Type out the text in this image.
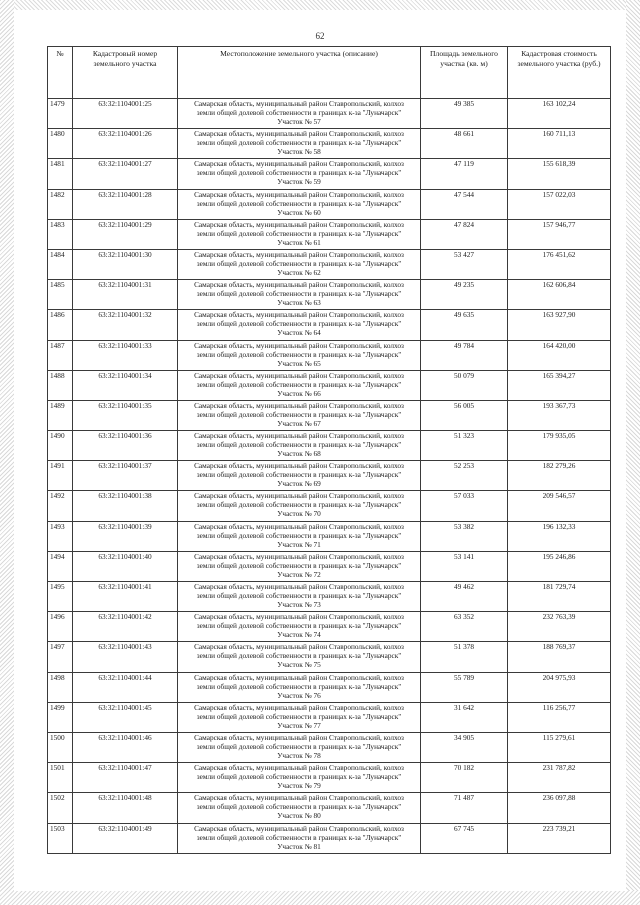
62
№	Кадастровый номер земельного участка	Местоположение земельного участка (описание)	Площадь земельного участка (кв. м)	Кадастровая стоимость земельного участка (руб.)
1479	63:32:1104001:25	Самарская область, муниципальный район Ставропольский, колхоз
земли общей долевой собственности в границах к-за "Луначарск"
Участок № 57	49 385	163 102,24
1480	63:32:1104001:26	Самарская область, муниципальный район Ставропольский, колхоз
земли общей долевой собственности в границах к-за "Луначарск"
Участок № 58	48 661	160 711,13
1481	63:32:1104001:27	Самарская область, муниципальный район Ставропольский, колхоз
земли общей долевой собственности в границах к-за "Луначарск"
Участок № 59	47 119	155 618,39
1482	63:32:1104001:28	Самарская область, муниципальный район Ставропольский, колхоз
земли общей долевой собственности в границах к-за "Луначарск"
Участок № 60	47 544	157 022,03
1483	63:32:1104001:29	Самарская область, муниципальный район Ставропольский, колхоз
земли общей долевой собственности в границах к-за "Луначарск"
Участок № 61	47 824	157 946,77
1484	63:32:1104001:30	Самарская область, муниципальный район Ставропольский, колхоз
земли общей долевой собственности в границах к-за "Луначарск"
Участок № 62	53 427	176 451,62
1485	63:32:1104001:31	Самарская область, муниципальный район Ставропольский, колхоз
земли общей долевой собственности в границах к-за "Луначарск"
Участок № 63	49 235	162 606,84
1486	63:32:1104001:32	Самарская область, муниципальный район Ставропольский, колхоз
земли общей долевой собственности в границах к-за "Луначарск"
Участок № 64	49 635	163 927,90
1487	63:32:1104001:33	Самарская область, муниципальный район Ставропольский, колхоз
земли общей долевой собственности в границах к-за "Луначарск"
Участок № 65	49 784	164 420,00
1488	63:32:1104001:34	Самарская область, муниципальный район Ставропольский, колхоз
земли общей долевой собственности в границах к-за "Луначарск"
Участок № 66	50 079	165 394,27
1489	63:32:1104001:35	Самарская область, муниципальный район Ставропольский, колхоз
земли общей долевой собственности в границах к-за "Луначарск"
Участок № 67	56 005	193 367,73
1490	63:32:1104001:36	Самарская область, муниципальный район Ставропольский, колхоз
земли общей долевой собственности в границах к-за "Луначарск"
Участок № 68	51 323	179 935,05
1491	63:32:1104001:37	Самарская область, муниципальный район Ставропольский, колхоз
земли общей долевой собственности в границах к-за "Луначарск"
Участок № 69	52 253	182 279,26
1492	63:32:1104001:38	Самарская область, муниципальный район Ставропольский, колхоз
земли общей долевой собственности в границах к-за "Луначарск"
Участок № 70	57 033	209 546,57
1493	63:32:1104001:39	Самарская область, муниципальный район Ставропольский, колхоз
земли общей долевой собственности в границах к-за "Луначарск"
Участок № 71	53 382	196 132,33
1494	63:32:1104001:40	Самарская область, муниципальный район Ставропольский, колхоз
земли общей долевой собственности в границах к-за "Луначарск"
Участок № 72	53 141	195 246,86
1495	63:32:1104001:41	Самарская область, муниципальный район Ставропольский, колхоз
земли общей долевой собственности в границах к-за "Луначарск"
Участок № 73	49 462	181 729,74
1496	63:32:1104001:42	Самарская область, муниципальный район Ставропольский, колхоз
земли общей долевой собственности в границах к-за "Луначарск"
Участок № 74	63 352	232 763,39
1497	63:32:1104001:43	Самарская область, муниципальный район Ставропольский, колхоз
земли общей долевой собственности в границах к-за "Луначарск"
Участок № 75	51 378	188 769,37
1498	63:32:1104001:44	Самарская область, муниципальный район Ставропольский, колхоз
земли общей долевой собственности в границах к-за "Луначарск"
Участок № 76	55 789	204 975,93
1499	63:32:1104001:45	Самарская область, муниципальный район Ставропольский, колхоз
земли общей долевой собственности в границах к-за "Луначарск"
Участок № 77	31 642	116 256,77
1500	63:32:1104001:46	Самарская область, муниципальный район Ставропольский, колхоз
земли общей долевой собственности в границах к-за "Луначарск"
Участок № 78	34 905	115 279,61
1501	63:32:1104001:47	Самарская область, муниципальный район Ставропольский, колхоз
земли общей долевой собственности в границах к-за "Луначарск"
Участок № 79	70 182	231 787,82
1502	63:32:1104001:48	Самарская область, муниципальный район Ставропольский, колхоз
земли общей долевой собственности в границах к-за "Луначарск"
Участок № 80	71 487	236 097,88
1503	63:32:1104001:49	Самарская область, муниципальный район Ставропольский, колхоз
земли общей долевой собственности в границах к-за "Луначарск"
Участок № 81	67 745	223 739,21
